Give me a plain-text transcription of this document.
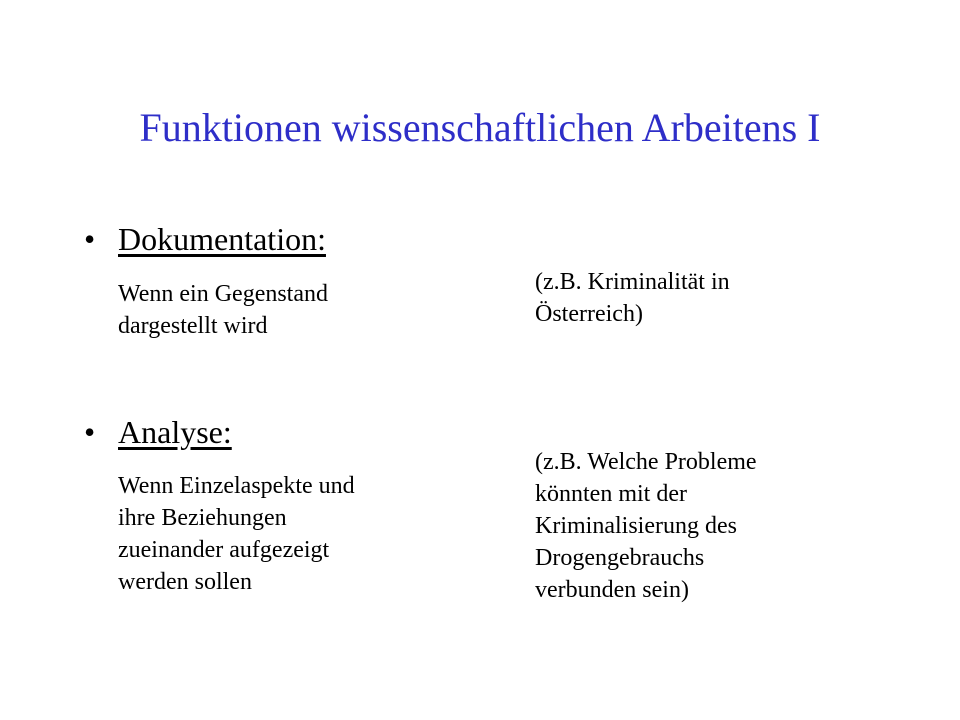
Funktionen wissenschaftlichen Arbeitens I
• Dokumentation:
Wenn ein Gegenstand
dargestellt wird
(z.B. Kriminalität in
Österreich)
• Analyse:
Wenn Einzelaspekte und
ihre Beziehungen
zueinander aufgezeigt
werden sollen
(z.B. Welche Probleme
könnten mit der
Kriminalisierung des
Drogengebrauchs
verbunden sein)
